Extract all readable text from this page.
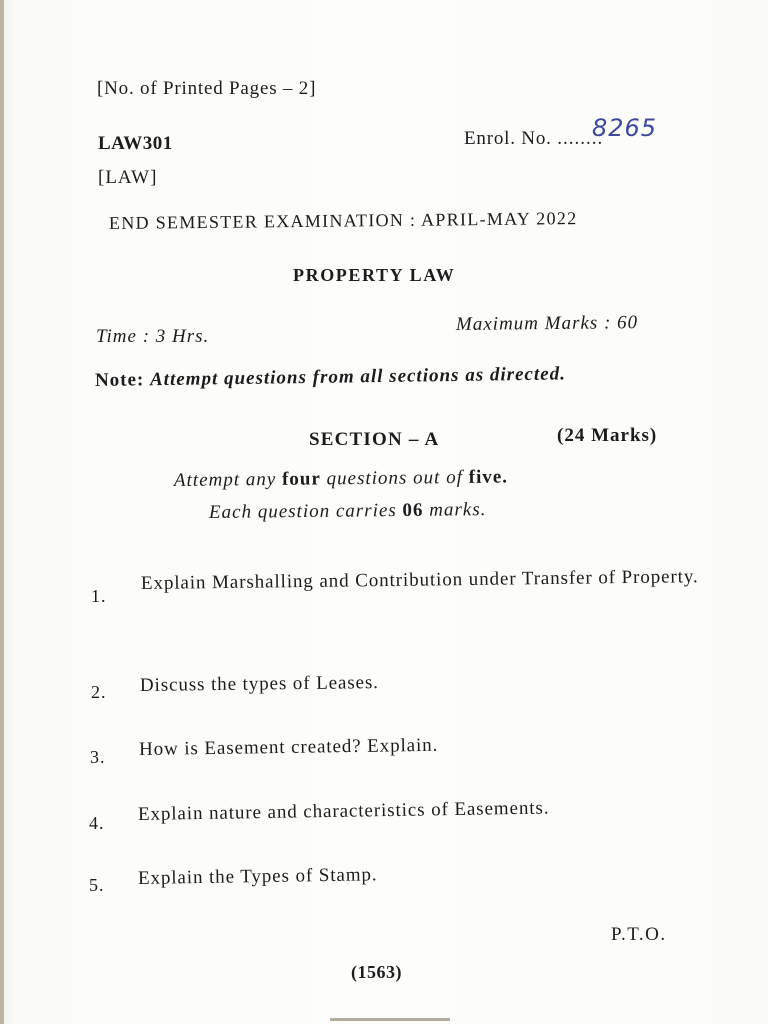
[No. of Printed Pages – 2]
LAW301
[LAW]
Enrol. No. ........
8265
END SEMESTER EXAMINATION : APRIL-MAY 2022
PROPERTY LAW
Time : 3 Hrs.
Maximum Marks : 60
Note: Attempt questions from all sections as directed.
SECTION – A	(24 Marks)
Attempt any four questions out of five.
Each question carries 06 marks.
1.
Explain Marshalling and Contribution under Transfer of Property.
2. Discuss the types of Leases.
3. How is Easement created? Explain.
4. Explain nature and characteristics of Easements.
5. Explain the Types of Stamp.
P.T.O.
(1563)
